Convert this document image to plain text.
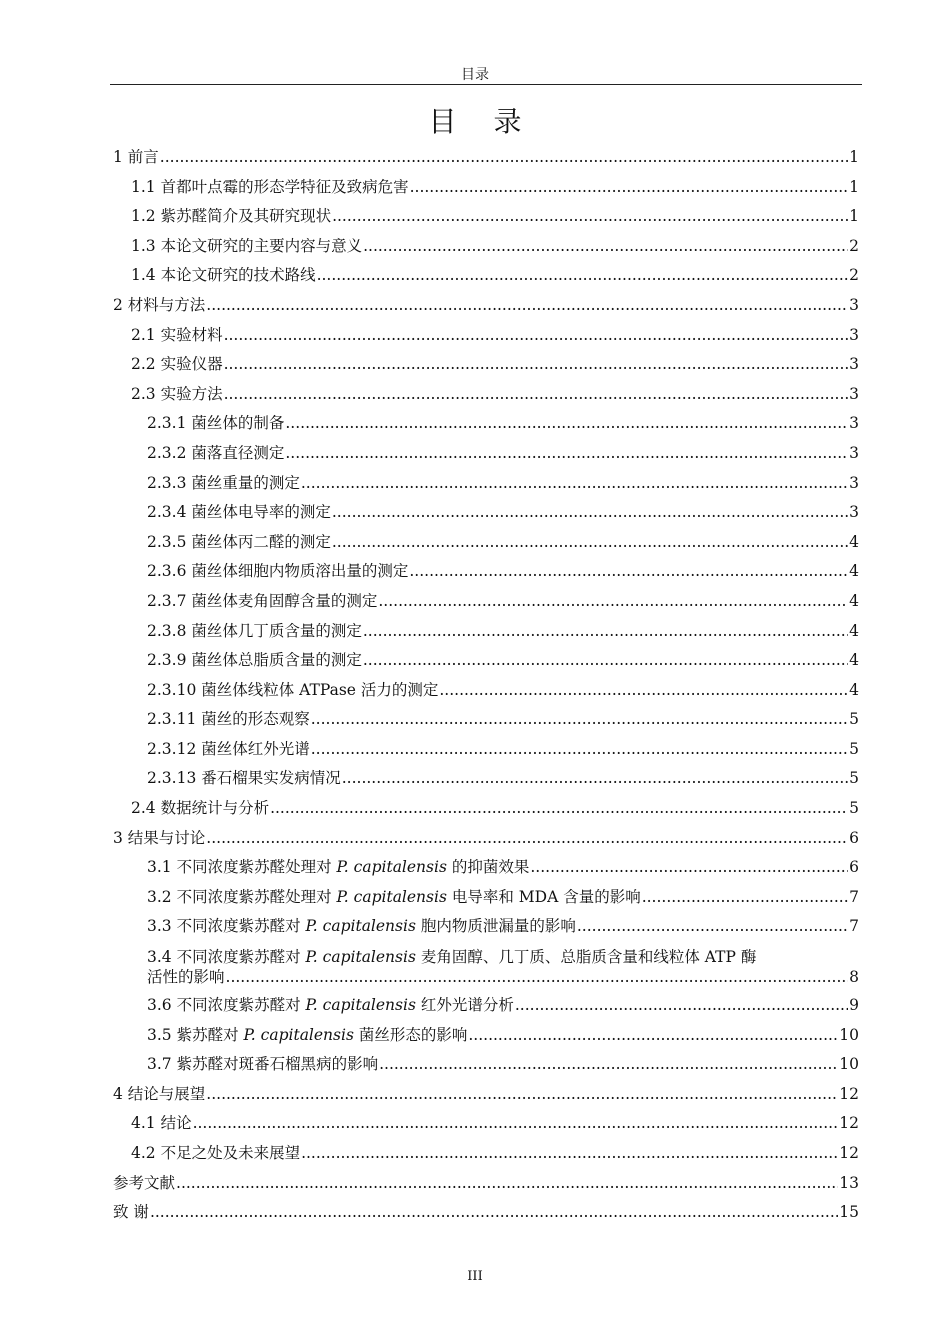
目录
目 录
1 前言 .....	1
1.1 首都叶点霉的形态学特征及致病危害 .....	1
1.2 紫苏醛简介及其研究现状 .....	1
1.3 本论文研究的主要内容与意义 .....	2
1.4 本论文研究的技术路线 .....	2
2 材料与方法 .....	3
2.1 实验材料 .....	3
2.2 实验仪器 .....	3
2.3 实验方法 .....	3
2.3.1 菌丝体的制备 .....	3
2.3.2 菌落直径测定 .....	3
2.3.3 菌丝重量的测定 .....	3
2.3.4 菌丝体电导率的测定 .....	3
2.3.5 菌丝体丙二醛的测定 .....	4
2.3.6 菌丝体细胞内物质溶出量的测定 .....	4
2.3.7 菌丝体麦角固醇含量的测定 .....	4
2.3.8 菌丝体几丁质含量的测定 .....	4
2.3.9 菌丝体总脂质含量的测定 .....	4
2.3.10 菌丝体线粒体 ATPase 活力的测定 .....	4
2.3.11 菌丝的形态观察 .....	5
2.3.12 菌丝体红外光谱 .....	5
2.3.13 番石榴果实发病情况 .....	5
2.4 数据统计与分析 .....	5
3 结果与讨论 .....	6
3.1 不同浓度紫苏醛处理对 P. capitalensis 的抑菌效果 .....	6
3.2 不同浓度紫苏醛处理对 P. capitalensis 电导率和 MDA 含量的影响 .....	7
3.3 不同浓度紫苏醛对 P. capitalensis 胞内物质泄漏量的影响 .....	7
3.4 不同浓度紫苏醛对 P. capitalensis 麦角固醇、几丁质、总脂质含量和线粒体 ATP 酶
活性的影响 .....	8
3.6 不同浓度紫苏醛对 P. capitalensis 红外光谱分析 .....	9
3.5 紫苏醛对 P. capitalensis 菌丝形态的影响 .....	10
3.7 紫苏醛对斑番石榴黑病的影响 .....	10
4 结论与展望 .....	12
4.1 结论 .....	12
4.2 不足之处及未来展望 .....	12
参考文献 .....	13
致 谢 .....	15
III
